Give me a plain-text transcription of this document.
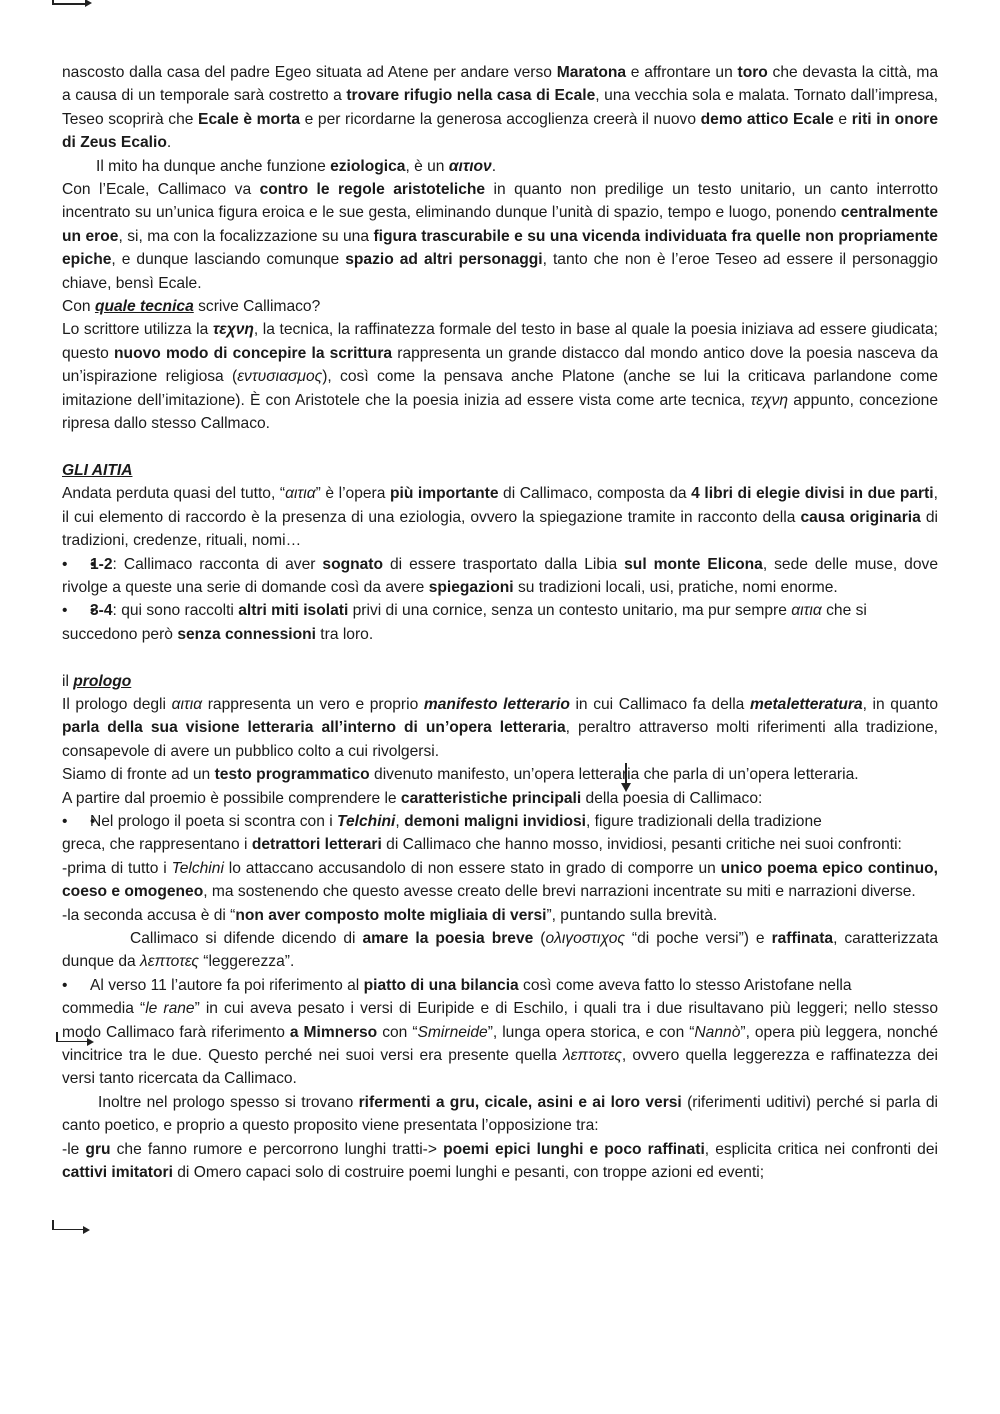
nascosto dalla casa del padre Egeo situata ad Atene per andare verso Maratona e affrontare un toro che devasta la città, ma a causa di un temporale sarà costretto a trovare rifugio nella casa di Ecale, una vecchia sola e malata. Tornato dall’impresa, Teseo scoprirà che Ecale è morta e per ricordarne la generosa accoglienza creerà il nuovo demo attico Ecale e riti in onore di Zeus Ecalio.

Il mito ha dunque anche funzione eziologica, è un αιτιον.

Con l’Ecale, Callimaco va contro le regole aristoteliche in quanto non predilige un testo unitario, un canto interrotto incentrato su un’unica figura eroica e le sue gesta, eliminando dunque l’unità di spazio, tempo e luogo, ponendo centralmente un eroe, si, ma con la focalizzazione su una figura trascurabile e su una vicenda individuata fra quelle non propriamente epiche, e dunque lasciando comunque spazio ad altri personaggi, tanto che non è l’eroe Teseo ad essere il personaggio chiave, bensì Ecale.

Con quale tecnica scrive Callimaco?

Lo scrittore utilizza la τεχνη, la tecnica, la raffinatezza formale del testo in base al quale la poesia iniziava ad essere giudicata; questo nuovo modo di concepire la scrittura rappresenta un grande distacco dal mondo antico dove la poesia nasceva da un’ispirazione religiosa (εντυσιασμος), così come la pensava anche Platone (anche se lui la criticava parlandone come imitazione dell’imitazione). È con Aristotele che la poesia inizia ad essere vista come arte tecnica, τεχνη appunto, concezione ripresa dallo stesso Callmaco.

GLI AITIA

Andata perduta quasi del tutto, “αιτια” è l’opera più importante di Callimaco, composta da 4 libri di elegie divisi in due parti, il cui elemento di raccordo è la presenza di una eziologia, ovvero la spiegazione tramite in racconto della causa originaria di tradizioni, credenze, rituali, nomi…

• • 1-2: Callimaco racconta di aver sognato di essere trasportato dalla Libia sul monte Elicona, sede delle muse, dove rivolge a queste una serie di domande così da avere spiegazioni su tradizioni locali, usi, pratiche, nomi enorme.

• • 3-4: qui sono raccolti altri miti isolati privi di una cornice, senza un contesto unitario, ma pur sempre αιτια che si succedono però senza connessioni tra loro.

il prologo

Il prologo degli αιτια rappresenta un vero e proprio manifesto letterario in cui Callimaco fa della metaletteratura, in quanto parla della sua visione letteraria all’interno di un’opera letteraria, peraltro attraverso molti riferimenti alla tradizione, consapevole di avere un pubblico colto a cui rivolgersi.

Siamo di fronte ad un testo programmatico divenuto manifesto, un’opera letteraria che parla di un’opera letteraria.

A partire dal proemio è possibile comprendere le caratteristiche principali della poesia di Callimaco:

• • Nel prologo il poeta si scontra con i Telchini, demoni maligni invidiosi, figure tradizionali della tradizione

greca, che rappresentano i detrattori letterari di Callimaco che hanno mosso, invidiosi, pesanti critiche nei suoi confronti:

-prima di tutto i Telchini lo attaccano accusandolo di non essere stato in grado di comporre un unico poema epico continuo, coeso e omogeneo, ma sostenendo che questo avesse creato delle brevi narrazioni incentrate su miti e narrazioni diverse.

-la seconda accusa è di “non aver composto molte migliaia di versi”, puntando sulla brevità.

Callimaco si difende dicendo di amare la poesia breve (ολιγοστιχος “di poche versi”) e raffinata, caratterizzata dunque da λεπτοτες “leggerezza”.

Al verso 11 l’autore fa poi riferimento al piatto di una bilancia così come aveva fatto lo stesso Aristofane nella
•

commedia “le rane” in cui aveva pesato i versi di Euripide e di Eschilo, i quali tra i due risultavano più leggeri; nello stesso modo Callimaco farà riferimento a Mimnerso con “Smirneide”, lunga opera storica, e con “Nannò”, opera più leggera, nonché vincitrice tra le due. Questo perché nei suoi versi era presente quella λεπτοτες, ovvero quella leggerezza e raffinatezza dei versi tanto ricercata da Callimaco.

Inoltre nel prologo spesso si trovano rifermenti a gru, cicale, asini e ai loro versi (riferimenti uditivi) perché si parla di canto poetico, e proprio a questo proposito viene presentata l’opposizione tra:

-le gru che fanno rumore e percorrono lunghi tratti-> poemi epici lunghi e poco raffinati, esplicita critica nei confronti dei cattivi imitatori di Omero capaci solo di costruire poemi lunghi e pesanti, con troppe azioni ed eventi;
